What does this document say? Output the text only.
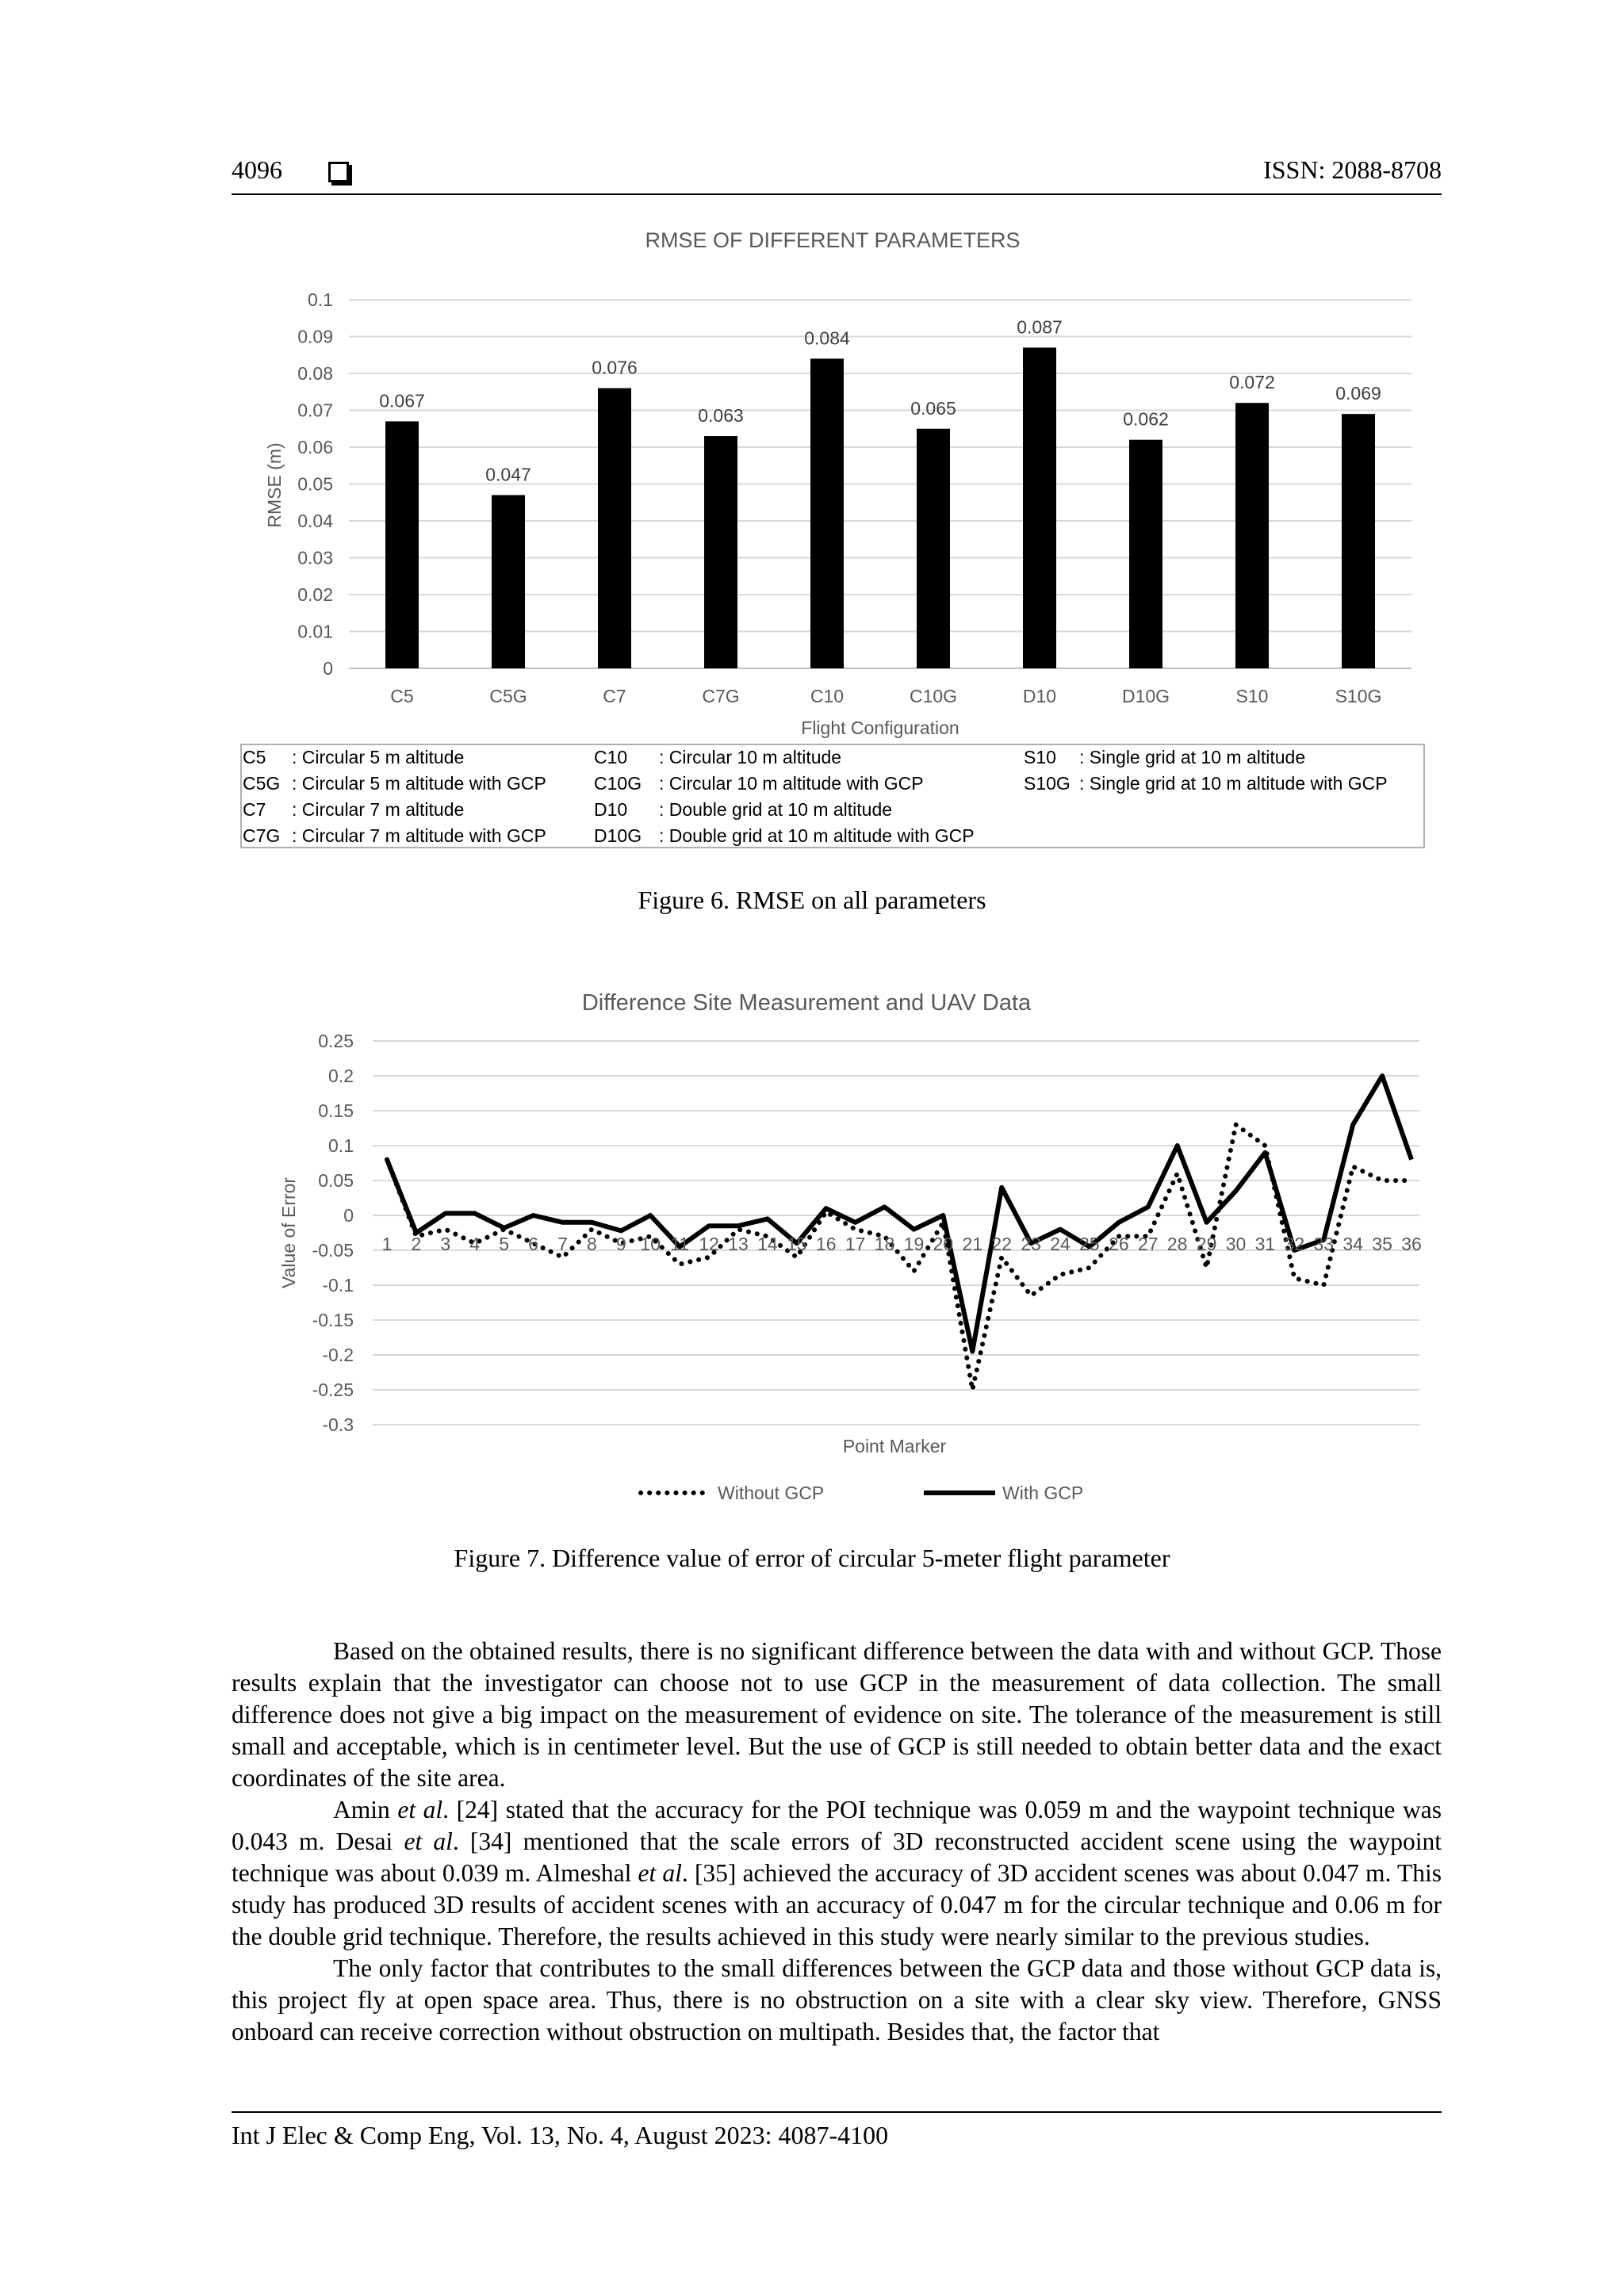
4096	ISSN: 2088-8708
RMSE OF DIFFERENT PARAMETERS
0
0.01
0.02
0.03
0.04
0.05
0.06
0.07
0.08
0.09
0.1
RMSE (m)
0.067
C5
0.047
C5G
0.076
C7
0.063
C7G
0.084
C10
0.065
C10G
0.087
D10
0.062
D10G
0.072
S10
0.069
S10G
Flight Configuration
C5 : Circular 5 m altitude
C5G : Circular 5 m altitude with GCP
C7 : Circular 7 m altitude
C7G : Circular 7 m altitude with GCP
C10 : Circular 10 m altitude
C10G : Circular 10 m altitude with GCP
D10 : Double grid at 10 m altitude
D10G : Double grid at 10 m altitude with GCP
S10 : Single grid at 10 m altitude
S10G : Single grid at 10 m altitude with GCP
Figure 6. RMSE on all parameters
Difference Site Measurement and UAV Data
0.25
0.2
0.15
0.1
0.05
0
-0.05
-0.1
-0.15
-0.2
-0.25
-0.3
Value of Error	1 2 3 4 5 6 7 8 9 10 11 12 13 14 15 16 17 18 19 20 21 22 23 24 25 26 27 28 29 30 31 32 33 34 35 36
Point Marker
Without GCP	With GCP
Figure 7. Difference value of error of circular 5-meter flight parameter

Based on the obtained results, there is no significant difference between the data with and without GCP. Those results explain that the investigator can choose not to use GCP in the measurement of data collection. The small difference does not give a big impact on the measurement of evidence on site. The tolerance of the measurement is still small and acceptable, which is in centimeter level. But the use of GCP is still needed to obtain better data and the exact coordinates of the site area.

Amin et al. [24] stated that the accuracy for the POI technique was 0.059 m and the waypoint technique was 0.043 m. Desai et al. [34] mentioned that the scale errors of 3D reconstructed accident scene using the waypoint technique was about 0.039 m. Almeshal et al. [35] achieved the accuracy of 3D accident scenes was about 0.047 m. This study has produced 3D results of accident scenes with an accuracy of 0.047 m for the circular technique and 0.06 m for the double grid technique. Therefore, the results achieved in this study were nearly similar to the previous studies.

The only factor that contributes to the small differences between the GCP data and those without GCP data is, this project fly at open space area. Thus, there is no obstruction on a site with a clear sky view. Therefore, GNSS onboard can receive correction without obstruction on multipath. Besides that, the factor that

Int J Elec & Comp Eng, Vol. 13, No. 4, August 2023: 4087-4100
